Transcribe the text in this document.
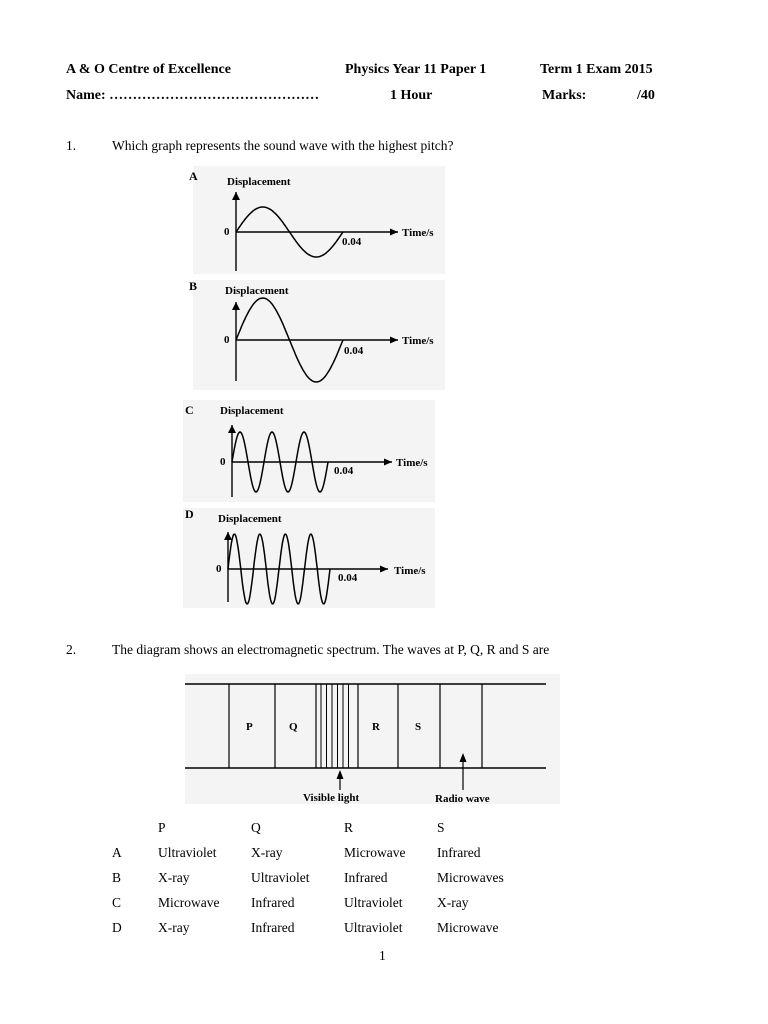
A & O Centre of Excellence	Physics Year 11 Paper 1	Term 1 Exam 2015
Name: ………………………………………	1 Hour	Marks:	/40
1.	Which graph represents the sound wave with the highest pitch?
A	Displacement
0
0.04
Time/s
B	Displacement
0
0.04
Time/s
C Displacement
0
0.04
Time/s
D Displacement
0
0.04
Time/s
P	Q	R	S
Visible light	Radio wave
2.	The diagram shows an electromagnetic spectrum. The waves at P, Q, R and S are
	P	Q	R	S
A	Ultraviolet	X-ray	Microwave	Infrared
B	X-ray	Ultraviolet	Infrared	Microwaves
C	Microwave	Infrared	Ultraviolet	X-ray
D	X-ray	Infrared	Ultraviolet	Microwave
1
